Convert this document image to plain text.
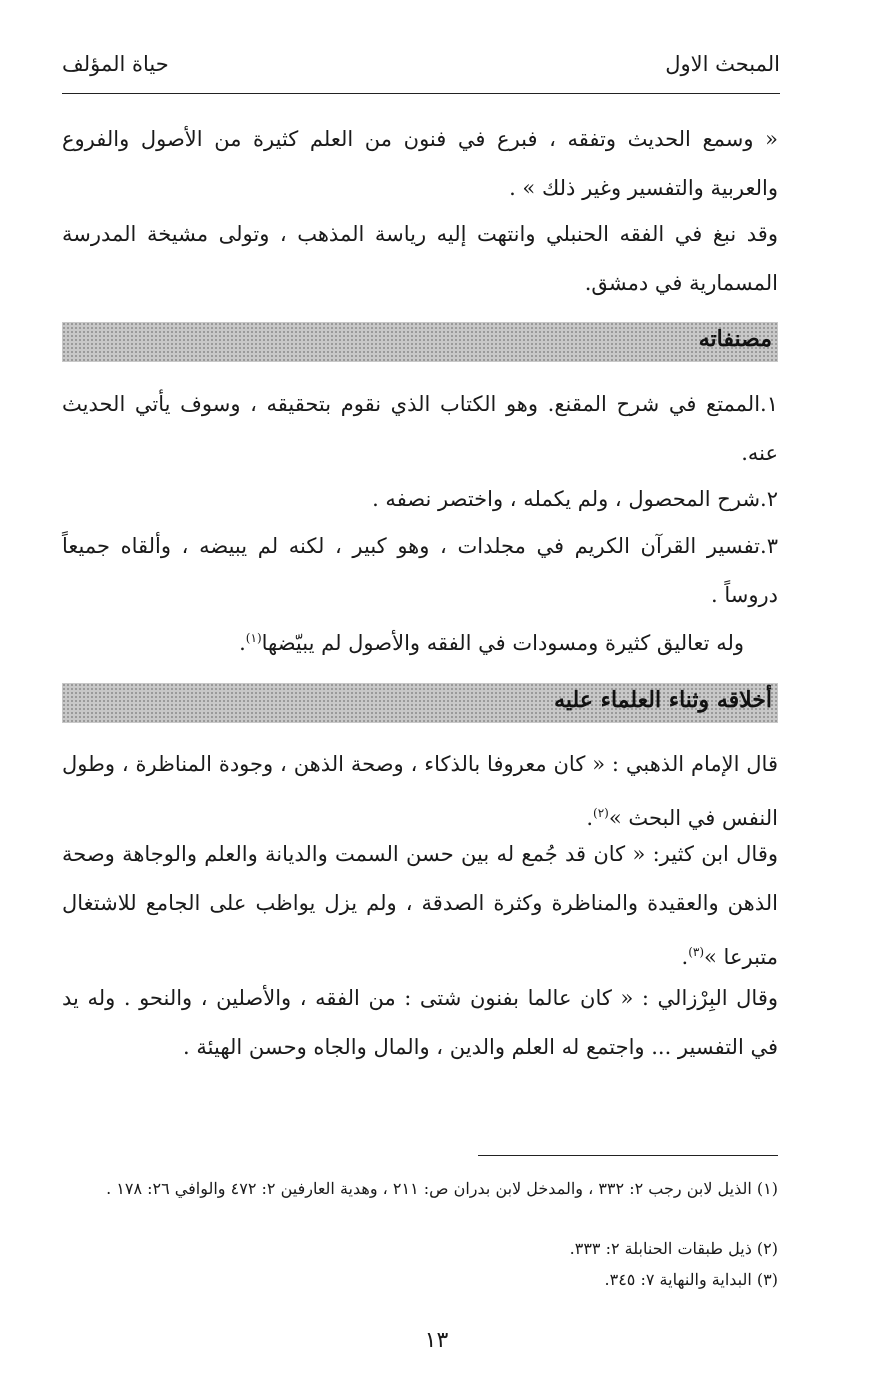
المبحث الاول
حياة المؤلف

« وسمع الحديث وتفقه ، فبرع في فنون من العلم كثيرة من الأصول والفروع والعربية والتفسير وغير ذلك » .

وقد نبغ في الفقه الحنبلي وانتهت إليه رياسة المذهب ، وتولى مشيخة المدرسة المسمارية في دمشق.

مصنفاته

١.الممتع في شرح المقنع. وهو الكتاب الذي نقوم بتحقيقه ، وسوف يأتي الحديث عنه.

٢.شرح المحصول ، ولم يكمله ، واختصر نصفه .

٣.تفسير القرآن الكريم في مجلدات ، وهو كبير ، لكنه لم يبيضه ، وألقاه جميعاً دروساً .

وله تعاليق كثيرة ومسودات في الفقه والأصول لم يبيّضها$^{(١)}$.

أخلاقه وثناء العلماء عليه

قال الإمام الذهبي : « كان معروفا بالذكاء ، وصحة الذهن ، وجودة المناظرة ، وطول النفس في البحث »$^{(٢)}$.

وقال ابن كثير: « كان قد جُمع له بين حسن السمت والديانة والعلم والوجاهة وصحة الذهن والعقيدة والمناظرة وكثرة الصدقة ، ولم يزل يواظب على الجامع للاشتغال متبرعا »$^{(٣)}$.

وقال البِرْزالي : « كان عالما بفنون شتى : من الفقه ، والأصلين ، والنحو . وله يد في التفسير ... واجتمع له العلم والدين ، والمال والجاه وحسن الهيئة .

(١) الذيل لابن رجب ٢: ٣٣٢ ، والمدخل لابن بدران ص: ٢١١ ، وهدية العارفين ٢: ٤٧٢ والوافي ٢٦: ١٧٨ .

(٢) ذيل طبقات الحنابلة ٢: ٣٣٣.

(٣) البداية والنهاية ٧: ٣٤٥.

١٣
